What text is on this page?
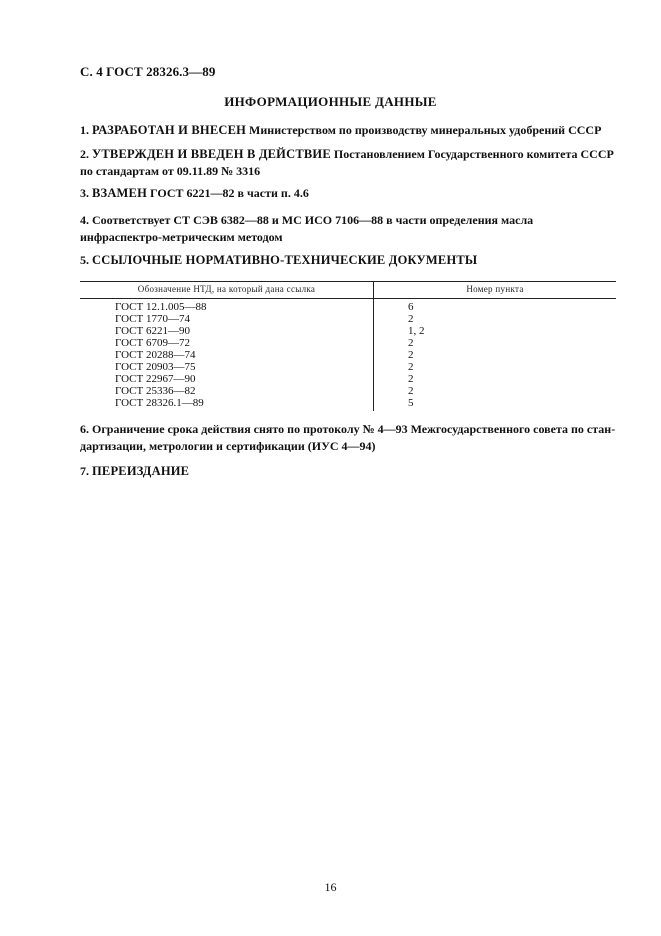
С. 4 ГОСТ 28326.3—89
ИНФОРМАЦИОННЫЕ ДАННЫЕ
1. РАЗРАБОТАН И ВНЕСЕН Министерством по производству минеральных удобрений СССР
2. УТВЕРЖДЕН И ВВЕДЕН В ДЕЙСТВИЕ Постановлением Государственного комитета СССР по стандартам от 09.11.89 № 3316
3. ВЗАМЕН ГОСТ 6221—82 в части п. 4.6
4. Соответствует СТ СЭВ 6382—88 и МС ИСО 7106—88 в части определения масла инфраспектро-метрическим методом
5. ССЫЛОЧНЫЕ НОРМАТИВНО-ТЕХНИЧЕСКИЕ ДОКУМЕНТЫ
Обозначение НТД, на который дана ссылка	Номер пункта
ГОСТ 12.1.005—88	6
ГОСТ 1770—74	2
ГОСТ 6221—90	1, 2
ГОСТ 6709—72	2
ГОСТ 20288—74	2
ГОСТ 20903—75	2
ГОСТ 22967—90	2
ГОСТ 25336—82	2
ГОСТ 28326.1—89	5
6. Ограничение срока действия снято по протоколу № 4—93 Межгосударственного совета по стан-дартизации, метрологии и сертификации (ИУС 4—94)
7. ПЕРЕИЗДАНИЕ
16
